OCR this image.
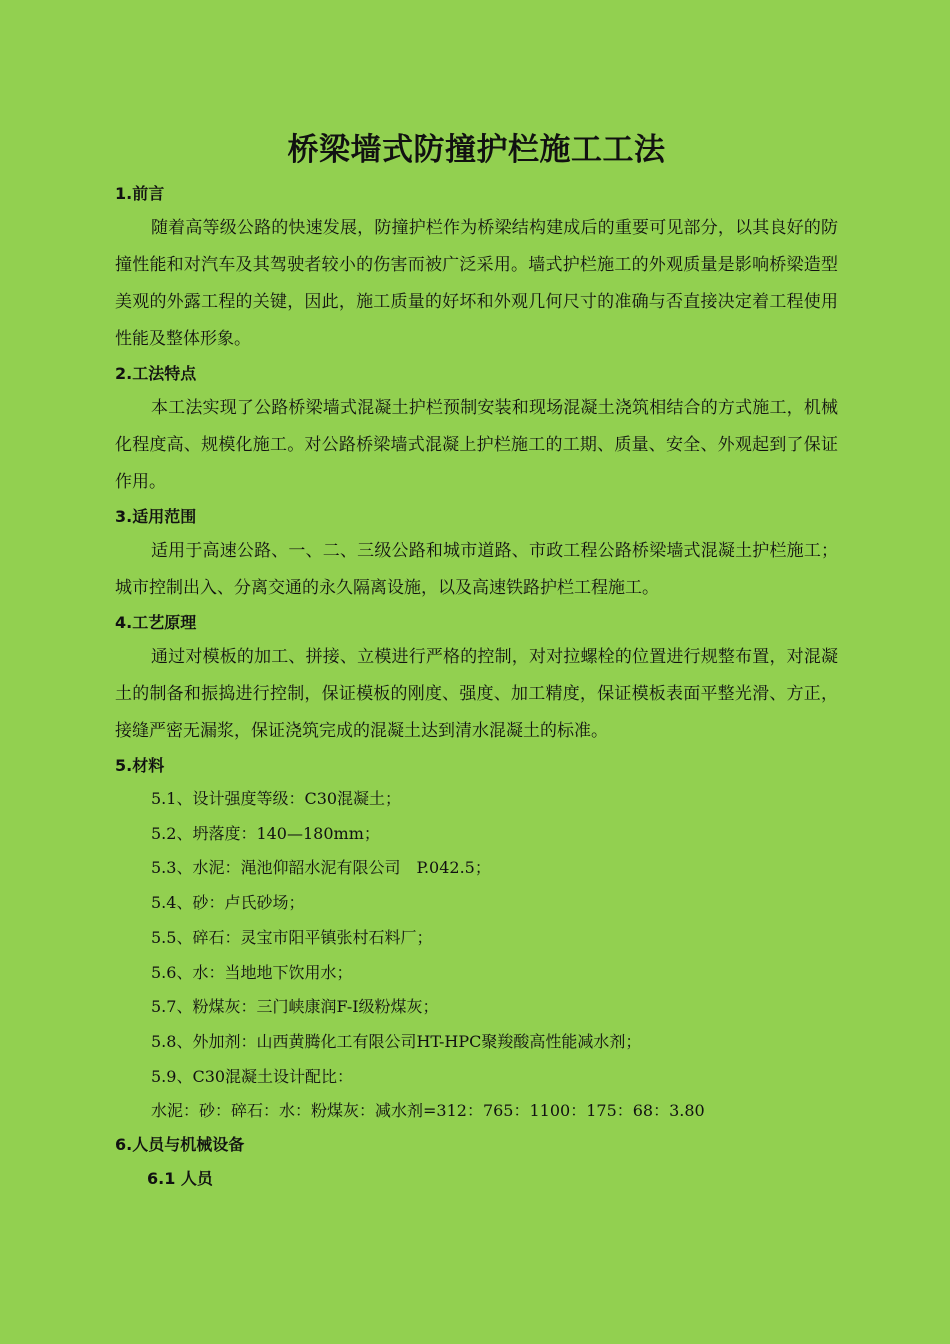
桥梁墙式防撞护栏施工工法

1.前言

随着高等级公路的快速发展，防撞护栏作为桥梁结构建成后的重要可见部分，以其良好的防撞性能和对汽车及其驾驶者较小的伤害而被广泛采用。墙式护栏施工的外观质量是影响桥梁造型美观的外露工程的关键，因此，施工质量的好坏和外观几何尺寸的准确与否直接决定着工程使用性能及整体形象。

2.工法特点

本工法实现了公路桥梁墙式混凝土护栏预制安装和现场混凝土浇筑相结合的方式施工，机械化程度高、规模化施工。对公路桥梁墙式混凝上护栏施工的工期、质量、安全、外观起到了保证作用。

3.适用范围

适用于高速公路、一、二、三级公路和城市道路、市政工程公路桥梁墙式混凝土护栏施工；城市控制出入、分离交通的永久隔离设施，以及高速铁路护栏工程施工。

4.工艺原理

通过对模板的加工、拼接、立模进行严格的控制，对对拉螺栓的位置进行规整布置，对混凝土的制备和振捣进行控制，保证模板的刚度、强度、加工精度，保证模板表面平整光滑、方正，接缝严密无漏浆，保证浇筑完成的混凝土达到清水混凝土的标准。

5.材料

5.1、设计强度等级：C30混凝土；

5.2、坍落度：140—180mm；

5.3、水泥：渑池仰韶水泥有限公司　P.042.5；

5.4、砂：卢氏砂场；

5.5、碎石：灵宝市阳平镇张村石料厂；

5.6、水：当地地下饮用水；

5.7、粉煤灰：三门峡康润F-I级粉煤灰；

5.8、外加剂：山西黄腾化工有限公司HT-HPC聚羧酸高性能减水剂；

5.9、C30混凝土设计配比：

水泥：砂：碎石：水：粉煤灰：减水剂=312：765：1100：175：68：3.80

6.人员与机械设备

6.1 人员
